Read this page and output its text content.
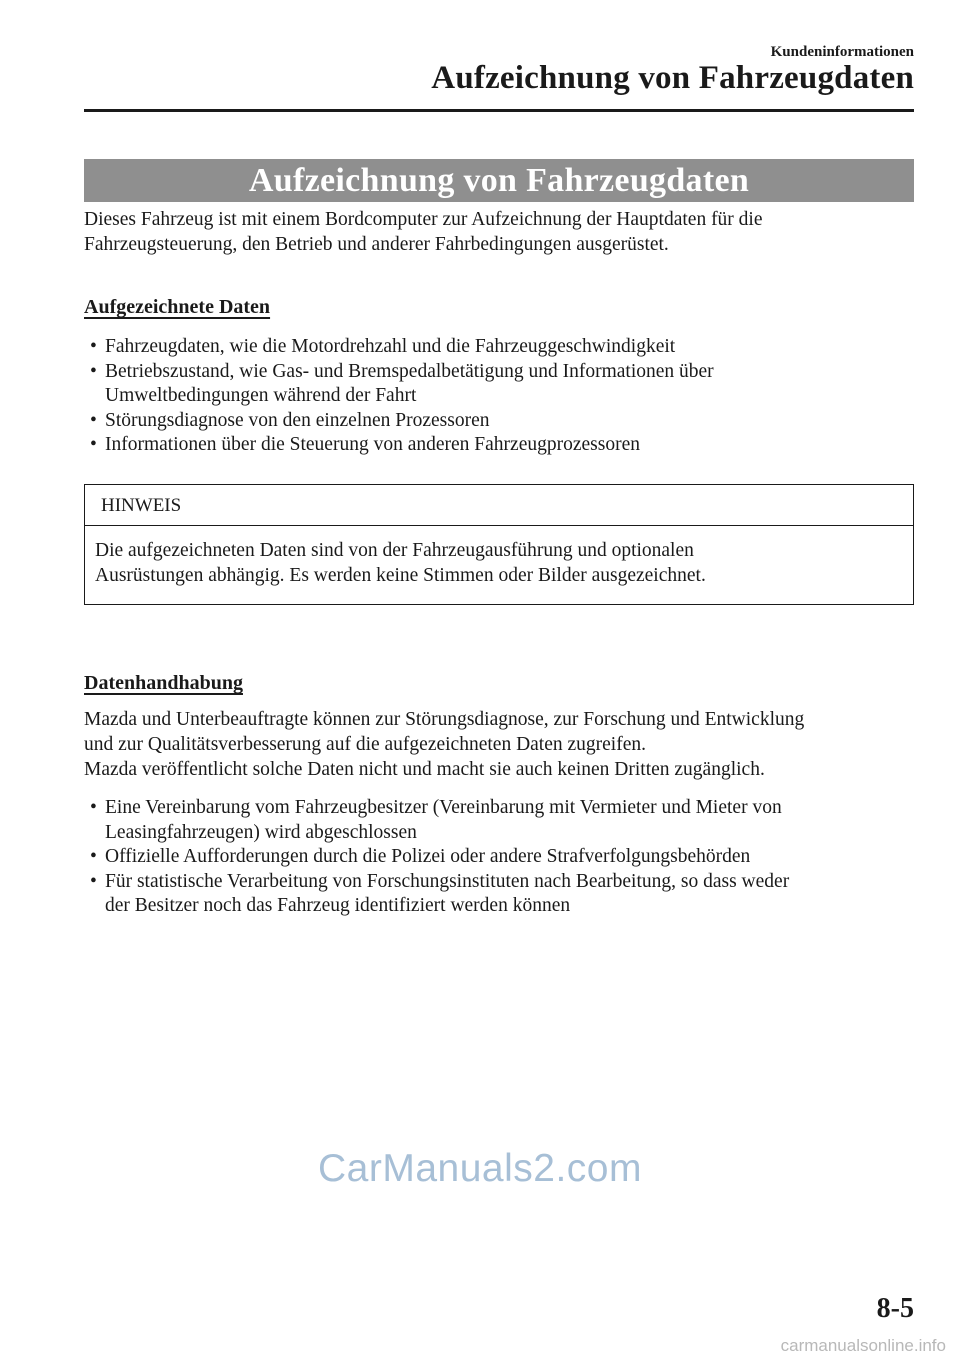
Kundeninformationen
Aufzeichnung von Fahrzeugdaten
Aufzeichnung von Fahrzeugdaten

Dieses Fahrzeug ist mit einem Bordcomputer zur Aufzeichnung der Hauptdaten für die
Fahrzeugsteuerung, den Betrieb und anderer Fahrbedingungen ausgerüstet.

Aufgezeichnete Daten

• Fahrzeugdaten, wie die Motordrehzahl und die Fahrzeuggeschwindigkeit
• Betriebszustand, wie Gas- und Bremspedalbetätigung und Informationen über
Umweltbedingungen während der Fahrt
• Störungsdiagnose von den einzelnen Prozessoren
• Informationen über die Steuerung von anderen Fahrzeugprozessoren
HINWEIS
Die aufgezeichneten Daten sind von der Fahrzeugausführung und optionalen
Ausrüstungen abhängig. Es werden keine Stimmen oder Bilder ausgezeichnet.

Datenhandhabung

Mazda und Unterbeauftragte können zur Störungsdiagnose, zur Forschung und Entwicklung
und zur Qualitätsverbesserung auf die aufgezeichneten Daten zugreifen.
Mazda veröffentlicht solche Daten nicht und macht sie auch keinen Dritten zugänglich.

• Eine Vereinbarung vom Fahrzeugbesitzer (Vereinbarung mit Vermieter und Mieter von
Leasingfahrzeugen) wird abgeschlossen
• Offizielle Aufforderungen durch die Polizei oder andere Strafverfolgungsbehörden
• Für statistische Verarbeitung von Forschungsinstituten nach Bearbeitung, so dass weder
der Besitzer noch das Fahrzeug identifiziert werden können
CarManuals2.com
8-5
carmanualsonline.info
